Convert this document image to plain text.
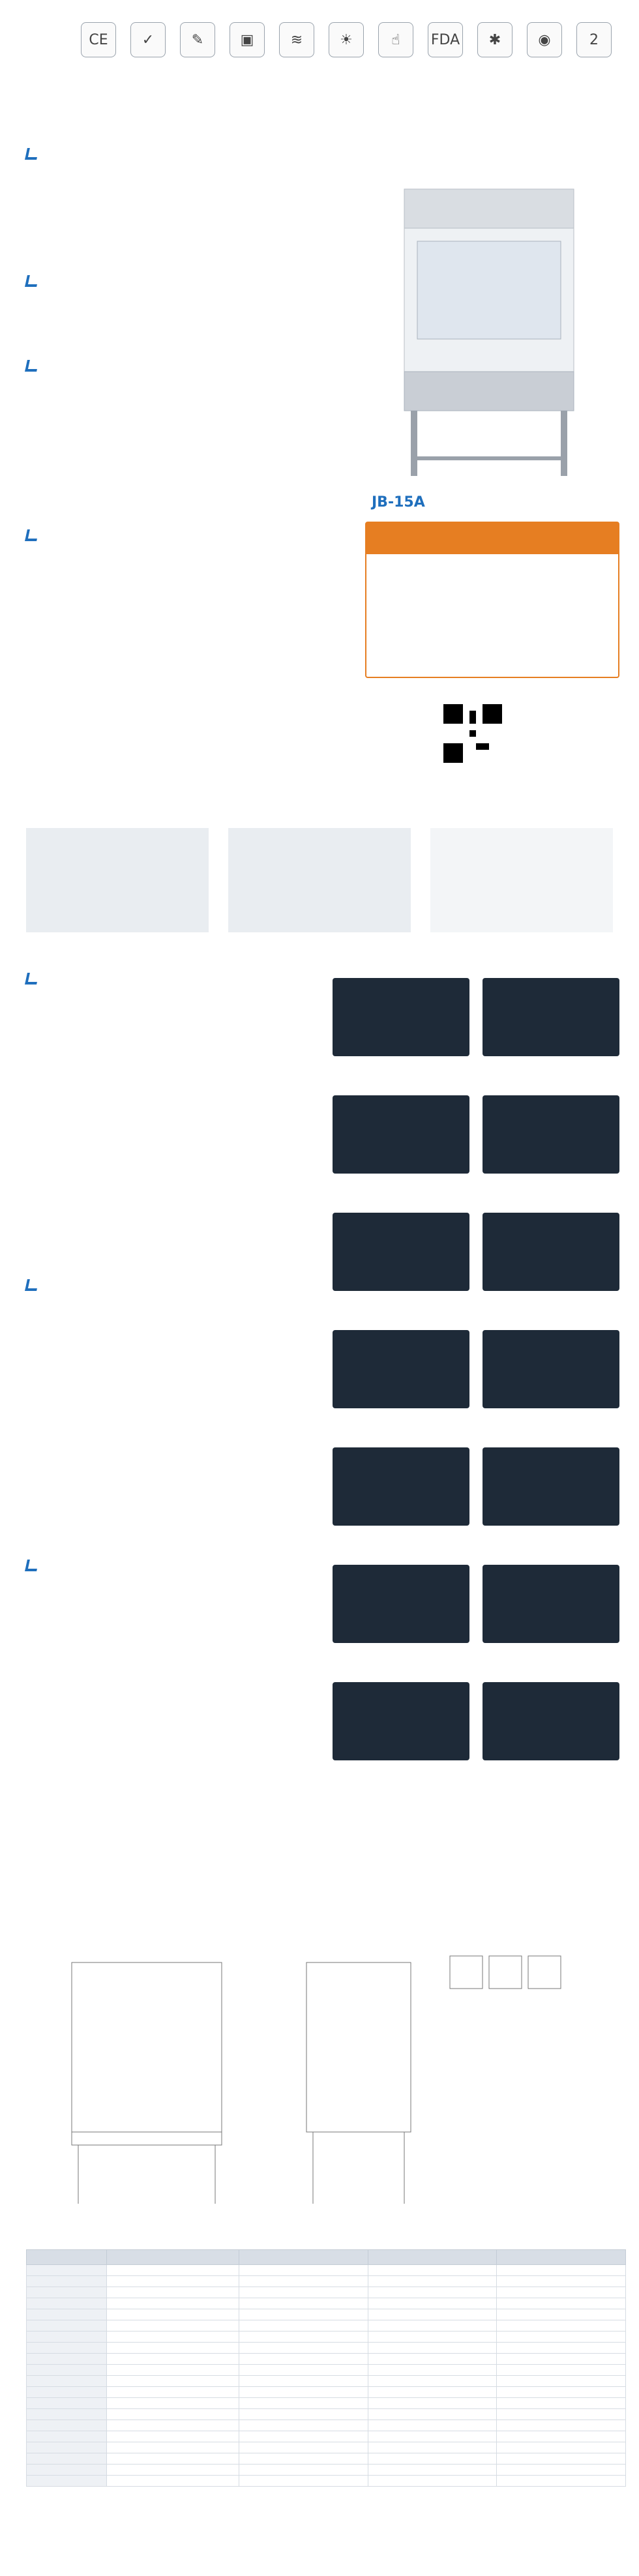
CE	✓	✎	▣	≋	☀	☝	FDA	✱	◉	2
JB-15A
